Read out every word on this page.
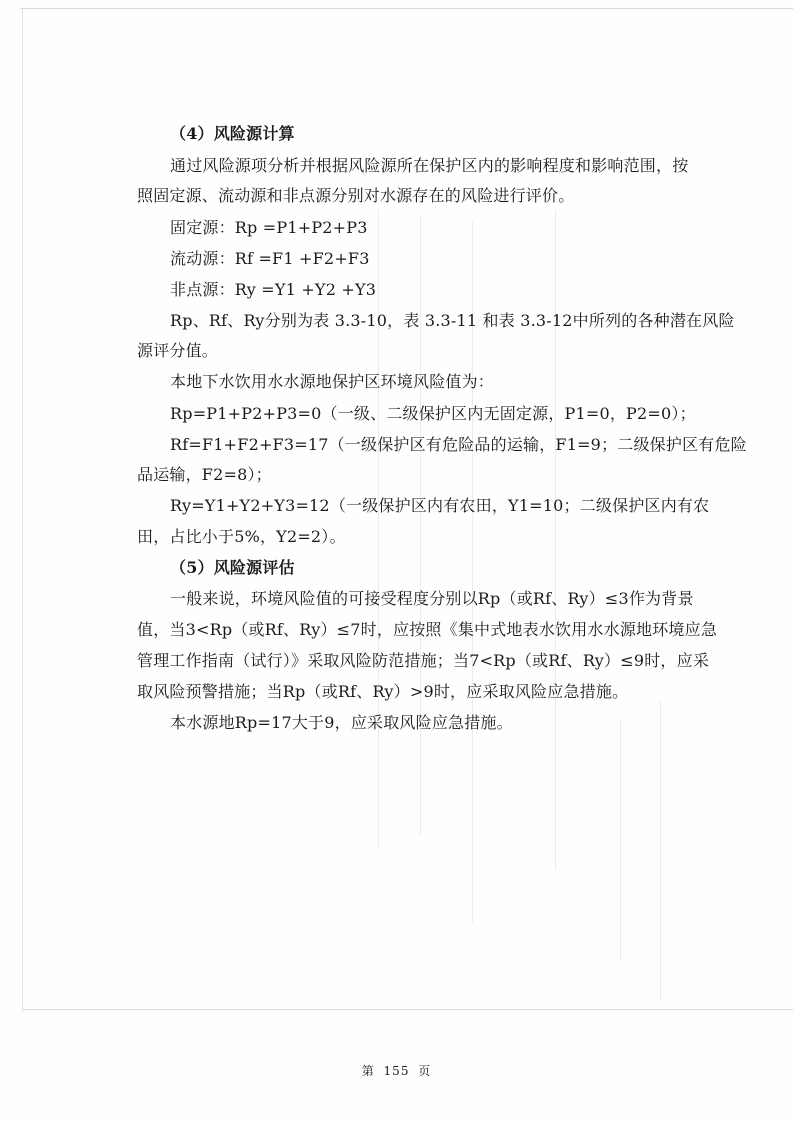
（4）风险源计算
通过风险源项分析并根据风险源所在保护区内的影响程度和影响范围，按
照固定源、流动源和非点源分别对水源存在的风险进行评价。
固定源：Rp =P1+P2+P3
流动源：Rf =F1 +F2+F3
非点源：Ry =Y1 +Y2 +Y3
Rp、Rf、Ry分别为表 3.3-10，表 3.3-11 和表 3.3-12中所列的各种潜在风险
源评分值。
本地下水饮用水水源地保护区环境风险值为：
Rp=P1+P2+P3=0（一级、二级保护区内无固定源，P1=0，P2=0）；
Rf=F1+F2+F3=17（一级保护区有危险品的运输，F1=9；二级保护区有危险
品运输，F2=8）；
Ry=Y1+Y2+Y3=12（一级保护区内有农田，Y1=10；二级保护区内有农
田，占比小于5%，Y2=2）。
（5）风险源评估
一般来说，环境风险值的可接受程度分别以Rp（或Rf、Ry）≤3作为背景
值，当3<Rp（或Rf、Ry）≤7时，应按照《集中式地表水饮用水水源地环境应急
管理工作指南（试行）》采取风险防范措施；当7<Rp（或Rf、Ry）≤9时，应采
取风险预警措施；当Rp（或Rf、Ry）>9时，应采取风险应急措施。
本水源地Rp=17大于9，应采取风险应急措施。
第 155 页
